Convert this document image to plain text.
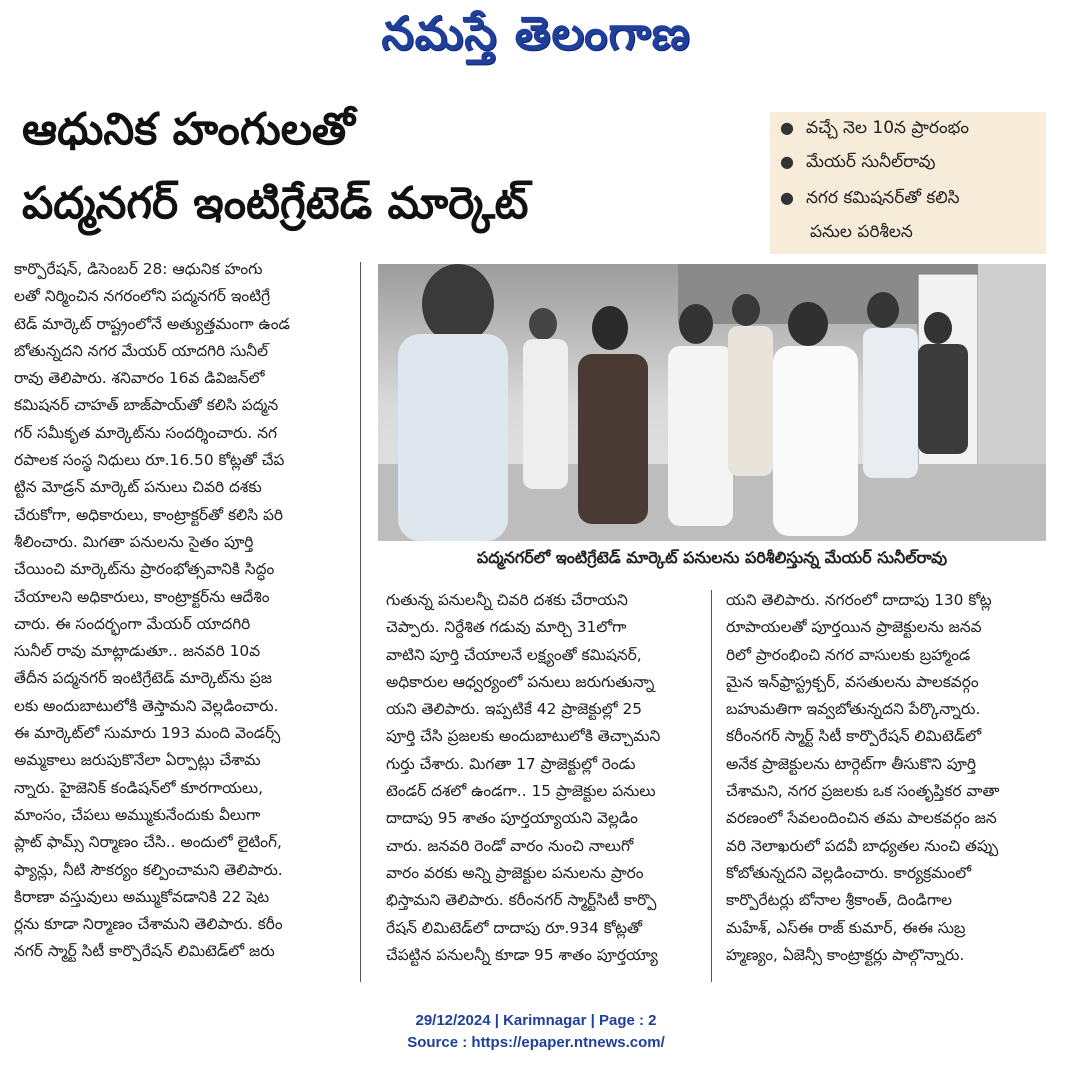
నమస్తే తెలంగాణ
ఆధునిక హంగులతో
పద్మనగర్ ఇంటిగ్రేటెడ్ మార్కెట్
● వచ్చే నెల 10న ప్రారంభం
● మేయర్ సునీల్‌రావు
● నగర కమిషనర్‌తో కలిసి
పనుల పరిశీలన
కార్పొరేషన్, డిసెంబర్ 28: ఆధునిక హంగు
లతో నిర్మించిన నగరంలోని పద్మనగర్ ఇంటిగ్రే
టెడ్ మార్కెట్ రాష్ట్రంలోనే అత్యుత్తమంగా ఉండ
బోతున్నదని నగర మేయర్ యాదగిరి సునీల్
రావు తెలిపారు. శనివారం 16వ డివిజన్‌లో
కమిషనర్ చాహత్ బాజ్‌పాయ్‌తో కలిసి పద్మన
గర్ సమీకృత మార్కెట్‌ను సందర్శించారు. నగ
రపాలక సంస్థ నిధులు రూ.16.50 కోట్లతో చేప
ట్టిన మోడ్రన్ మార్కెట్ పనులు చివరి దశకు
చేరుకోగా, అధికారులు, కాంట్రాక్టర్‌తో కలిసి పరి
శీలించారు. మిగతా పనులను సైతం పూర్తి
చేయించి మార్కెట్‌ను ప్రారంభోత్సవానికి సిద్ధం
చేయాలని అధికారులు, కాంట్రాక్టర్‌ను ఆదేశిం
చారు. ఈ సందర్భంగా మేయర్ యాదగిరి
సునీల్ రావు మాట్లాడుతూ.. జనవరి 10వ
తేదీన పద్మనగర్ ఇంటిగ్రేటెడ్ మార్కెట్‌ను ప్రజ
లకు అందుబాటులోకి తెస్తామని వెల్లడించారు.
ఈ మార్కెట్‌లో సుమారు 193 మంది వెండర్స్
అమ్మకాలు జరుపుకొనేలా ఏర్పాట్లు చేశామ
న్నారు. హైజెనిక్ కండిషన్‌లో కూరగాయలు,
మాంసం, చేపలు అమ్ముకునేందుకు వీలుగా
ప్లాట్ ఫామ్స్ నిర్మాణం చేసి.. అందులో లైటింగ్,
ఫ్యాన్లు, నీటి సౌకర్యం కల్పించామని తెలిపారు.
కిరాణా వస్తువులు అమ్ముకోవడానికి 22 షెట
ర్లను కూడా నిర్మాణం చేశామని తెలిపారు. కరీం
నగర్ స్మార్ట్ సిటీ కార్పొరేషన్ లిమిటెడ్‌లో జరు
పద్మనగర్‌లో ఇంటిగ్రేటెడ్ మార్కెట్ పనులను పరిశీలిస్తున్న మేయర్ సునీల్‌రావు
గుతున్న పనులన్నీ చివరి దశకు చేరాయని
చెప్పారు. నిర్దేశిత గడువు మార్చి 31లోగా
వాటిని పూర్తి చేయాలనే లక్ష్యంతో కమిషనర్,
అధికారుల ఆధ్వర్యంలో పనులు జరుగుతున్నా
యని తెలిపారు. ఇప్పటికే 42 ప్రాజెక్టుల్లో 25
పూర్తి చేసి ప్రజలకు అందుబాటులోకి తెచ్చామని
గుర్తు చేశారు. మిగతా 17 ప్రాజెక్టుల్లో రెండు
టెండర్ దశలో ఉండగా.. 15 ప్రాజెక్టుల పనులు
దాదాపు 95 శాతం పూర్తయ్యాయని వెల్లడిం
చారు. జనవరి రెండో వారం నుంచి నాలుగో
వారం వరకు అన్ని ప్రాజెక్టుల పనులను ప్రారం
భిస్తామని తెలిపారు. కరీంనగర్ స్మార్ట్‌సిటీ కార్పొ
రేషన్ లిమిటెడ్‌లో దాదాపు రూ.934 కోట్లతో
చేపట్టిన పనులన్నీ కూడా 95 శాతం పూర్తయ్యా
యని తెలిపారు. నగరంలో దాదాపు 130 కోట్ల
రూపాయలతో పూర్తయిన ప్రాజెక్టులను జనవ
రిలో ప్రారంభించి నగర వాసులకు బ్రహ్మాండ
మైన ఇన్‌ఫ్రాస్ట్రక్చర్, వసతులను పాలకవర్గం
బహుమతిగా ఇవ్వబోతున్నదని పేర్కొన్నారు.
కరీంనగర్ స్మార్ట్ సిటీ కార్పొరేషన్ లిమిటెడ్‌లో
అనేక ప్రాజెక్టులను టార్గెట్‌గా తీసుకొని పూర్తి
చేశామని, నగర ప్రజలకు ఒక సంతృప్తికర వాతా
వరణంలో సేవలందించిన తమ పాలకవర్గం జన
వరి నెలాఖరులో పదవీ బాధ్యతల నుంచి తప్పు
కోబోతున్నదని వెల్లడించారు. కార్యక్రమంలో
కార్పొరేటర్లు బోనాల శ్రీకాంత్, దిండిగాల
మహేశ్, ఎస్ఈ రాజ్ కుమార్, ఈఈ సుబ్ర
హ్మణ్యం, ఏజెన్సీ కాంట్రాక్టర్లు పాల్గొన్నారు.
29/12/2024 | Karimnagar | Page : 2
Source : https://epaper.ntnews.com/
